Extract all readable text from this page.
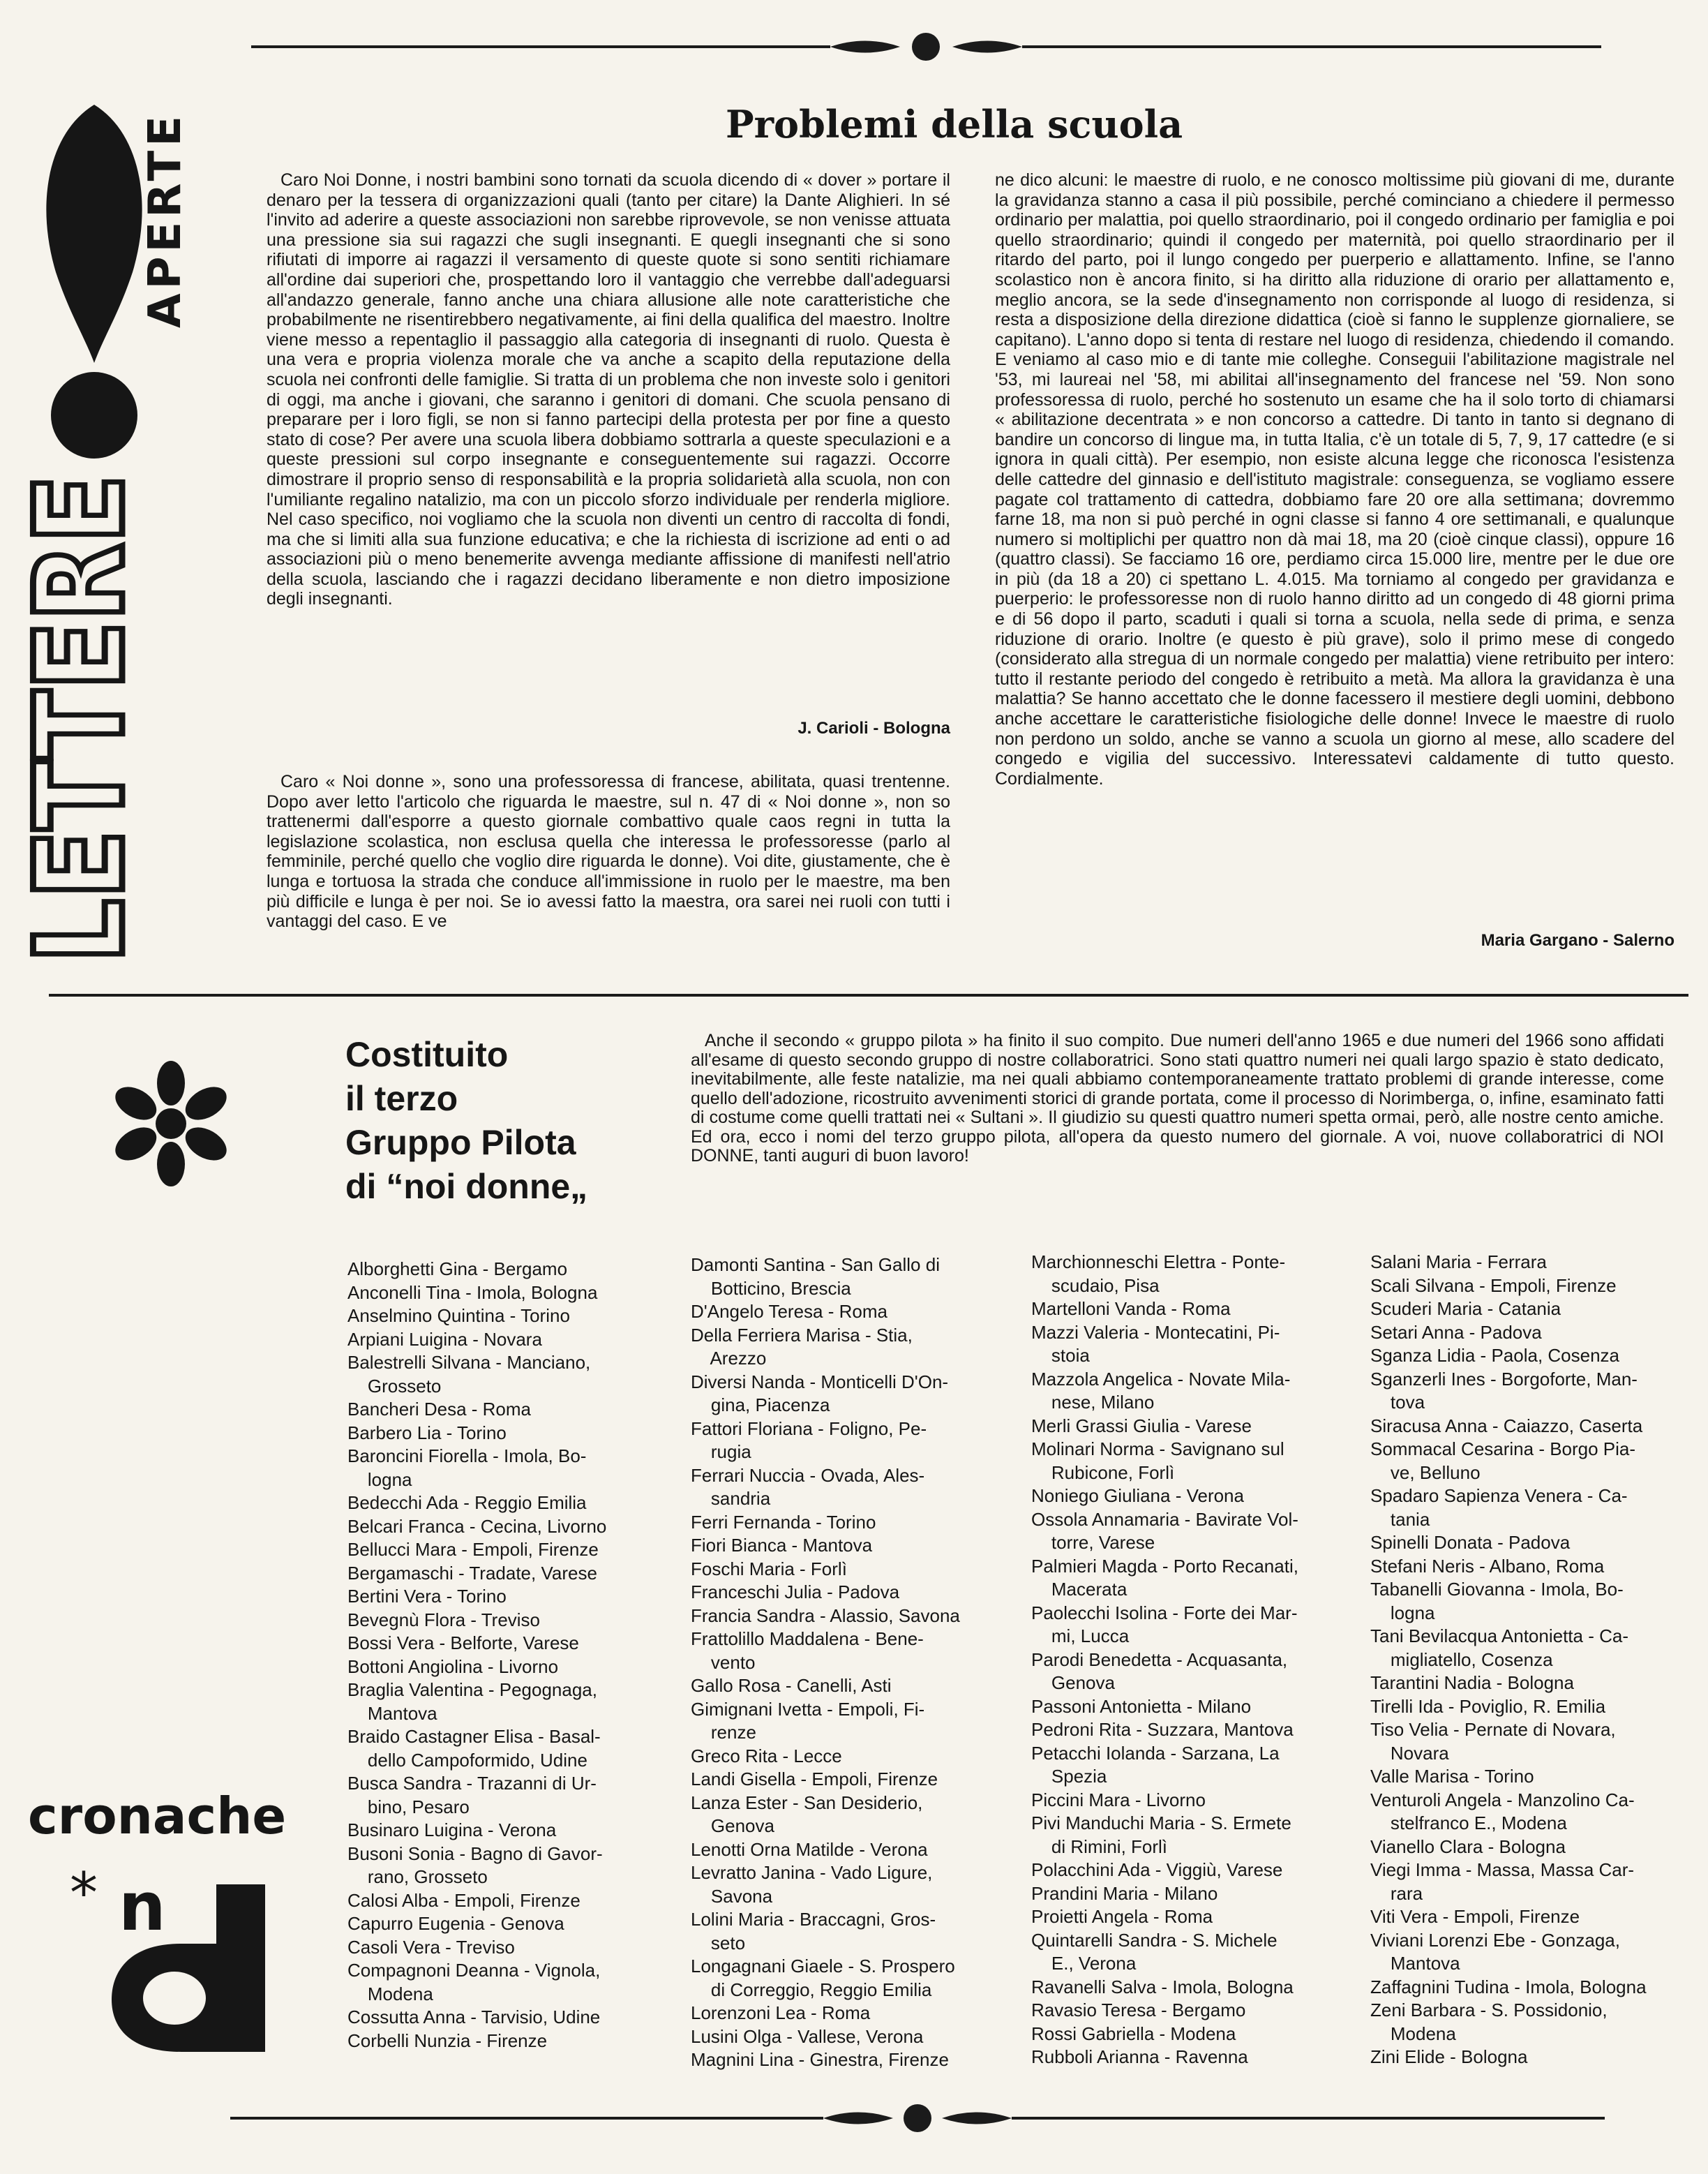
LETTERE
APERTE	Problemi della scuola
Caro Noi Donne, i nostri bambini sono tornati da scuola dicendo di « dover » portare il denaro per la tessera di organizzazioni quali (tanto per citare) la Dante Alighieri. In sé l'invito ad aderire a queste associazioni non sarebbe riprovevole, se non venisse attuata una pressione sia sui ragazzi che sugli insegnanti. E quegli insegnanti che si sono rifiutati di imporre ai ragazzi il versamento di queste quote si sono sentiti richiamare all'ordine dai superiori che, prospettando loro il vantaggio che verrebbe dall'adeguarsi all'andazzo generale, fanno anche una chiara allusione alle note caratteristiche che probabilmente ne risentirebbero negativamente, ai fini della qualifica del maestro. Inoltre viene messo a repentaglio il passaggio alla categoria di insegnanti di ruolo. Questa è una vera e propria violenza morale che va anche a scapito della reputazione della scuola nei confronti delle famiglie. Si tratta di un problema che non investe solo i genitori di oggi, ma anche i giovani, che saranno i genitori di domani. Che scuola pensano di preparare per i loro figli, se non si fanno partecipi della protesta per por fine a questo stato di cose? Per avere una scuola libera dobbiamo sottrarla a queste speculazioni e a queste pressioni sul corpo insegnante e conseguentemente sui ragazzi. Occorre dimostrare il proprio senso di responsabilità e la propria solidarietà alla scuola, non con l'umiliante regalino natalizio, ma con un piccolo sforzo individuale per renderla migliore. Nel caso specifico, noi vogliamo che la scuola non diventi un centro di raccolta di fondi, ma che si limiti alla sua funzione educativa; e che la richiesta di iscrizione ad enti o ad associazioni più o meno benemerite avvenga mediante affissione di manifesti nell'atrio della scuola, lasciando che i ragazzi decidano liberamente e non dietro imposizione degli insegnanti.
J. Carioli - Bologna
Caro « Noi donne », sono una professoressa di francese, abilitata, quasi trentenne. Dopo aver letto l'articolo che riguarda le maestre, sul n. 47 di « Noi donne », non so trattenermi dall'esporre a questo giornale combattivo quale caos regni in tutta la legislazione scolastica, non esclusa quella che interessa le professoresse (parlo al femminile, perché quello che voglio dire riguarda le donne). Voi dite, giustamente, che è lunga e tortuosa la strada che conduce all'immissione in ruolo per le maestre, ma ben più difficile e lunga è per noi. Se io avessi fatto la maestra, ora sarei nei ruoli con tutti i vantaggi del caso. E ve
ne dico alcuni: le maestre di ruolo, e ne conosco moltissime più giovani di me, durante la gravidanza stanno a casa il più possibile, perché cominciano a chiedere il permesso ordinario per malattia, poi quello straordinario, poi il congedo ordinario per famiglia e poi quello straordinario; quindi il congedo per maternità, poi quello straordinario per il ritardo del parto, poi il lungo congedo per puerperio e allattamento. Infine, se l'anno scolastico non è ancora finito, si ha diritto alla riduzione di orario per allattamento e, meglio ancora, se la sede d'insegnamento non corrisponde al luogo di residenza, si resta a disposizione della direzione didattica (cioè si fanno le supplenze giornaliere, se capitano). L'anno dopo si tenta di restare nel luogo di residenza, chiedendo il comando. E veniamo al caso mio e di tante mie colleghe. Conseguii l'abilitazione magistrale nel '53, mi laureai nel '58, mi abilitai all'insegnamento del francese nel '59. Non sono professoressa di ruolo, perché ho sostenuto un esame che ha il solo torto di chiamarsi « abilitazione decentrata » e non concorso a cattedre. Di tanto in tanto si degnano di bandire un concorso di lingue ma, in tutta Italia, c'è un totale di 5, 7, 9, 17 cattedre (e si ignora in quali città). Per esempio, non esiste alcuna legge che riconosca l'esistenza delle cattedre del ginnasio e dell'istituto magistrale: conseguenza, se vogliamo essere pagate col trattamento di cattedra, dobbiamo fare 20 ore alla settimana; dovremmo farne 18, ma non si può perché in ogni classe si fanno 4 ore settimanali, e qualunque numero si moltiplichi per quattro non dà mai 18, ma 20 (cioè cinque classi), oppure 16 (quattro classi). Se facciamo 16 ore, perdiamo circa 15.000 lire, mentre per le due ore in più (da 18 a 20) ci spettano L. 4.015. Ma torniamo al congedo per gravidanza e puerperio: le professoresse non di ruolo hanno diritto ad un congedo di 48 giorni prima e di 56 dopo il parto, scaduti i quali si torna a scuola, nella sede di prima, e senza riduzione di orario. Inoltre (e questo è più grave), solo il primo mese di congedo (considerato alla stregua di un normale congedo per malattia) viene retribuito per intero: tutto il restante periodo del congedo è retribuito a metà. Ma allora la gravidanza è una malattia? Se hanno accettato che le donne facessero il mestiere degli uomini, debbono anche accettare le caratteristiche fisiologiche delle donne! Invece le maestre di ruolo non perdono un soldo, anche se vanno a scuola un giorno al mese, allo scadere del congedo e vigilia del successivo. Interessatevi caldamente di tutto questo. Cordialmente.
Maria Gargano - Salerno
Costituito
il terzo
Gruppo Pilota
di “noi donne„
Anche il secondo « gruppo pilota » ha finito il suo compito. Due numeri dell'anno 1965 e due numeri del 1966 sono affidati all'esame di questo secondo gruppo di nostre collaboratrici. Sono stati quattro numeri nei quali largo spazio è stato dedicato, inevitabilmente, alle feste natalizie, ma nei quali abbiamo contemporaneamente trattato problemi di grande interesse, come quello dell'adozione, ricostruito avvenimenti storici di grande portata, come il processo di Norimberga, o, infine, esaminato fatti di costume come quelli trattati nei « Sultani ». Il giudizio su questi quattro numeri spetta ormai, però, alle nostre cento amiche. Ed ora, ecco i nomi del terzo gruppo pilota, all'opera da questo numero del giornale. A voi, nuove collaboratrici di NOI DONNE, tanti auguri di buon lavoro!
Alborghetti Gina - Bergamo
Anconelli Tina - Imola, Bologna
Anselmino Quintina - Torino
Arpiani Luigina - Novara
Balestrelli Silvana - Manciano,
Grosseto
Bancheri Desa - Roma
Barbero Lia - Torino
Baroncini Fiorella - Imola, Bo-
logna
Bedecchi Ada - Reggio Emilia
Belcari Franca - Cecina, Livorno
Bellucci Mara - Empoli, Firenze
Bergamaschi - Tradate, Varese
Bertini Vera - Torino
Bevegnù Flora - Treviso
Bossi Vera - Belforte, Varese
Bottoni Angiolina - Livorno
Braglia Valentina - Pegognaga,
Mantova
Braido Castagner Elisa - Basal-
dello Campoformido, Udine
Busca Sandra - Trazanni di Ur-
bino, Pesaro
Businaro Luigina - Verona
Busoni Sonia - Bagno di Gavor-
rano, Grosseto
Calosi Alba - Empoli, Firenze
Capurro Eugenia - Genova
Casoli Vera - Treviso
Compagnoni Deanna - Vignola,
Modena
Cossutta Anna - Tarvisio, Udine
Corbelli Nunzia - Firenze
Damonti Santina - San Gallo di
Botticino, Brescia
D'Angelo Teresa - Roma
Della Ferriera Marisa - Stia,
Arezzo
Diversi Nanda - Monticelli D'On-
gina, Piacenza
Fattori Floriana - Foligno, Pe-
rugia
Ferrari Nuccia - Ovada, Ales-
sandria
Ferri Fernanda - Torino
Fiori Bianca - Mantova
Foschi Maria - Forlì
Franceschi Julia - Padova
Francia Sandra - Alassio, Savona
Frattolillo Maddalena - Bene-
vento
Gallo Rosa - Canelli, Asti
Gimignani Ivetta - Empoli, Fi-
renze
Greco Rita - Lecce
Landi Gisella - Empoli, Firenze
Lanza Ester - San Desiderio,
Genova
Lenotti Orna Matilde - Verona
Levratto Janina - Vado Ligure,
Savona
Lolini Maria - Braccagni, Gros-
seto
Longagnani Giaele - S. Prospero
di Correggio, Reggio Emilia
Lorenzoni Lea - Roma
Lusini Olga - Vallese, Verona
Magnini Lina - Ginestra, Firenze
Marchionneschi Elettra - Ponte-
scudaio, Pisa
Martelloni Vanda - Roma
Mazzi Valeria - Montecatini, Pi-
stoia
Mazzola Angelica - Novate Mila-
nese, Milano
Merli Grassi Giulia - Varese
Molinari Norma - Savignano sul
Rubicone, Forlì
Noniego Giuliana - Verona
Ossola Annamaria - Bavirate Vol-
torre, Varese
Palmieri Magda - Porto Recanati,
Macerata
Paolecchi Isolina - Forte dei Mar-
mi, Lucca
Parodi Benedetta - Acquasanta,
Genova
Passoni Antonietta - Milano
Pedroni Rita - Suzzara, Mantova
Petacchi Iolanda - Sarzana, La
Spezia
Piccini Mara - Livorno
Pivi Manduchi Maria - S. Ermete
di Rimini, Forlì
Polacchini Ada - Viggiù, Varese
Prandini Maria - Milano
Proietti Angela - Roma
Quintarelli Sandra - S. Michele
E., Verona
Ravanelli Salva - Imola, Bologna
Ravasio Teresa - Bergamo
Rossi Gabriella - Modena
Rubboli Arianna - Ravenna
Salani Maria - Ferrara
Scali Silvana - Empoli, Firenze
Scuderi Maria - Catania
Setari Anna - Padova
Sganza Lidia - Paola, Cosenza
Sganzerli Ines - Borgoforte, Man-
tova
Siracusa Anna - Caiazzo, Caserta
Sommacal Cesarina - Borgo Pia-
ve, Belluno
Spadaro Sapienza Venera - Ca-
tania
Spinelli Donata - Padova
Stefani Neris - Albano, Roma
Tabanelli Giovanna - Imola, Bo-
logna
Tani Bevilacqua Antonietta - Ca-
migliatello, Cosenza
Tarantini Nadia - Bologna
Tirelli Ida - Poviglio, R. Emilia
Tiso Velia - Pernate di Novara,
Novara
Valle Marisa - Torino
Venturoli Angela - Manzolino Ca-
stelfranco E., Modena
Vianello Clara - Bologna
Viegi Imma - Massa, Massa Car-
rara
Viti Vera - Empoli, Firenze
Viviani Lorenzi Ebe - Gonzaga,
Mantova
Zaffagnini Tudina - Imola, Bologna
Zeni Barbara - S. Possidonio,
Modena
Zini Elide - Bologna
cronache
* n
